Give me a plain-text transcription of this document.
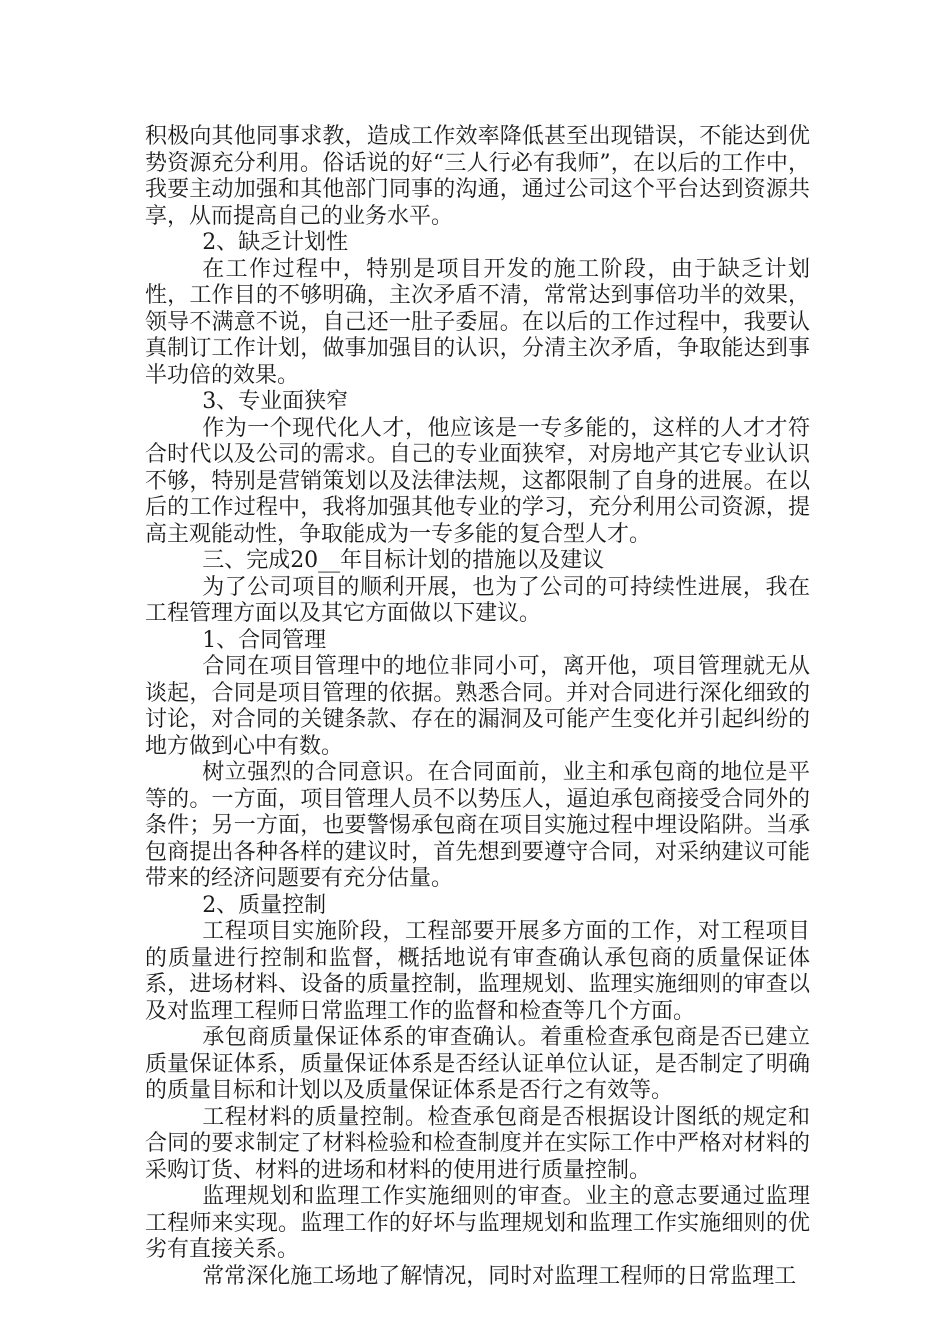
积极向其他同事求教，造成工作效率降低甚至出现错误，不能达到优势资源充分利用。俗话说的好“三人行必有我师”，在以后的工作中，我要主动加强和其他部门同事的沟通，通过公司这个平台达到资源共享，从而提高自己的业务水平。

2、缺乏计划性

在工作过程中，特别是项目开发的施工阶段，由于缺乏计划性，工作目的不够明确，主次矛盾不清，常常达到事倍功半的效果，领导不满意不说，自己还一肚子委屈。在以后的工作过程中，我要认真制订工作计划，做事加强目的认识，分清主次矛盾，争取能达到事半功倍的效果。

3、专业面狭窄

作为一个现代化人才，他应该是一专多能的，这样的人才才符合时代以及公司的需求。自己的专业面狭窄，对房地产其它专业认识不够，特别是营销策划以及法律法规，这都限制了自身的进展。在以后的工作过程中，我将加强其他专业的学习，充分利用公司资源，提高主观能动性，争取能成为一专多能的复合型人才。

三、完成20__年目标计划的措施以及建议

为了公司项目的顺利开展，也为了公司的可持续性进展，我在工程管理方面以及其它方面做以下建议。

1、合同管理

合同在项目管理中的地位非同小可，离开他，项目管理就无从谈起，合同是项目管理的依据。熟悉合同。并对合同进行深化细致的讨论，对合同的关键条款、存在的漏洞及可能产生变化并引起纠纷的地方做到心中有数。

树立强烈的合同意识。在合同面前，业主和承包商的地位是平等的。一方面，项目管理人员不以势压人，逼迫承包商接受合同外的条件；另一方面，也要警惕承包商在项目实施过程中埋设陷阱。当承包商提出各种各样的建议时，首先想到要遵守合同，对采纳建议可能带来的经济问题要有充分估量。

2、质量控制

工程项目实施阶段，工程部要开展多方面的工作，对工程项目的质量进行控制和监督，概括地说有审查确认承包商的质量保证体系，进场材料、设备的质量控制，监理规划、监理实施细则的审查以及对监理工程师日常监理工作的监督和检查等几个方面。

承包商质量保证体系的审查确认。着重检查承包商是否已建立质量保证体系，质量保证体系是否经认证单位认证，是否制定了明确的质量目标和计划以及质量保证体系是否行之有效等。

工程材料的质量控制。检查承包商是否根据设计图纸的规定和合同的要求制定了材料检验和检查制度并在实际工作中严格对材料的采购订货、材料的进场和材料的使用进行质量控制。

监理规划和监理工作实施细则的审查。业主的意志要通过监理工程师来实现。监理工作的好坏与监理规划和监理工作实施细则的优劣有直接关系。

常常深化施工场地了解情况，同时对监理工程师的日常监理工
